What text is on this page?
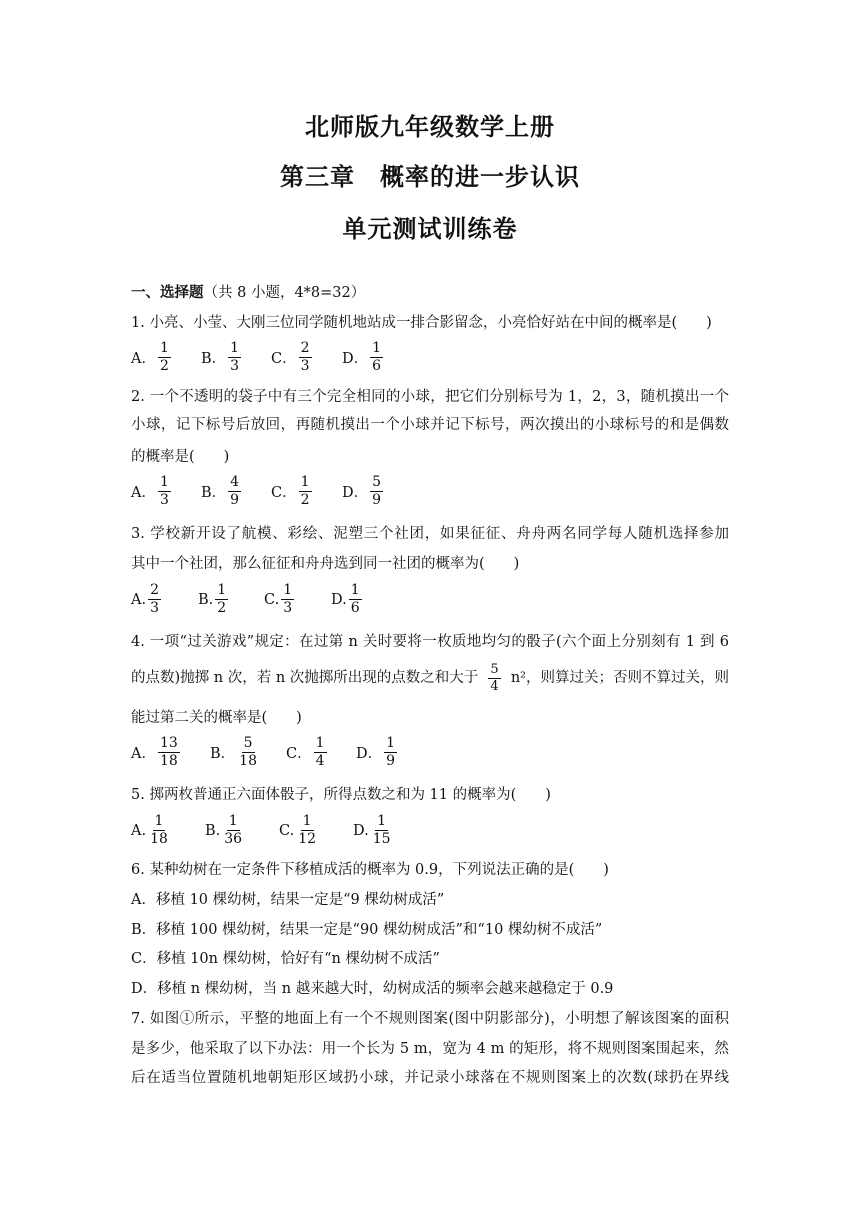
北师版九年级数学上册
第三章　概率的进一步认识
单元测试训练卷
一、选择题（共 8 小题，4*8=32）
1. 小亮、小莹、大刚三位同学随机地站成一排合影留念，小亮恰好站在中间的概率是(　　)
A． $\frac{1}{2}$ B． $\frac{1}{3}$ C． $\frac{2}{3}$ D． $\frac{1}{6}$
2. 一个不透明的袋子中有三个完全相同的小球，把它们分别标号为 1，2，3，随机摸出一个
小球，记下标号后放回，再随机摸出一个小球并记下标号，两次摸出的小球标号的和是偶数
的概率是(　　)
A． $\frac{1}{3}$ B． $\frac{4}{9}$ C． $\frac{1}{2}$ D． $\frac{5}{9}$
3. 学校新开设了航模、彩绘、泥塑三个社团，如果征征、舟舟两名同学每人随机选择参加
其中一个社团，那么征征和舟舟选到同一社团的概率为(　　)
A. $\frac{2}{3}$	B. $\frac{1}{2} C$. $\frac{1}{3}$	D. $\frac{1}{6}$
4. 一项“过关游戏”规定：在过第 n 关时要将一枚质地均匀的骰子(六个面上分别刻有 1 到 6
的点数)抛掷 n 次，若 n 次抛掷所出现的点数之和大于 $\frac{5}{4} n^2$，则算过关；否则不算过关，则
能过第二关的概率是(　　)
A． $\frac{13}{18}$ B． $\frac{5}{18}$ C． $\frac{1}{4}$ D． $\frac{1}{9}$
5. 掷两枚普通正六面体骰子，所得点数之和为 11 的概率为(　　)
A. $\frac{1}{18} B$. $\frac{1}{36} C$. $\frac{1}{12} D$. $\frac{1}{15}$
6. 某种幼树在一定条件下移植成活的概率为 0.9，下列说法正确的是(　　)
A．移植 10 棵幼树，结果一定是“9 棵幼树成活”
B．移植 100 棵幼树，结果一定是“90 棵幼树成活”和“10 棵幼树不成活”
C．移植 10n 棵幼树，恰好有“n 棵幼树不成活”
D．移植 n 棵幼树，当 n 越来越大时，幼树成活的频率会越来越稳定于 0.9
7. 如图①所示，平整的地面上有一个不规则图案(图中阴影部分)，小明想了解该图案的面积
是多少，他采取了以下办法：用一个长为 5 m，宽为 4 m 的矩形，将不规则图案围起来，然
后在适当位置随机地朝矩形区域扔小球，并记录小球落在不规则图案上的次数(球扔在界线
